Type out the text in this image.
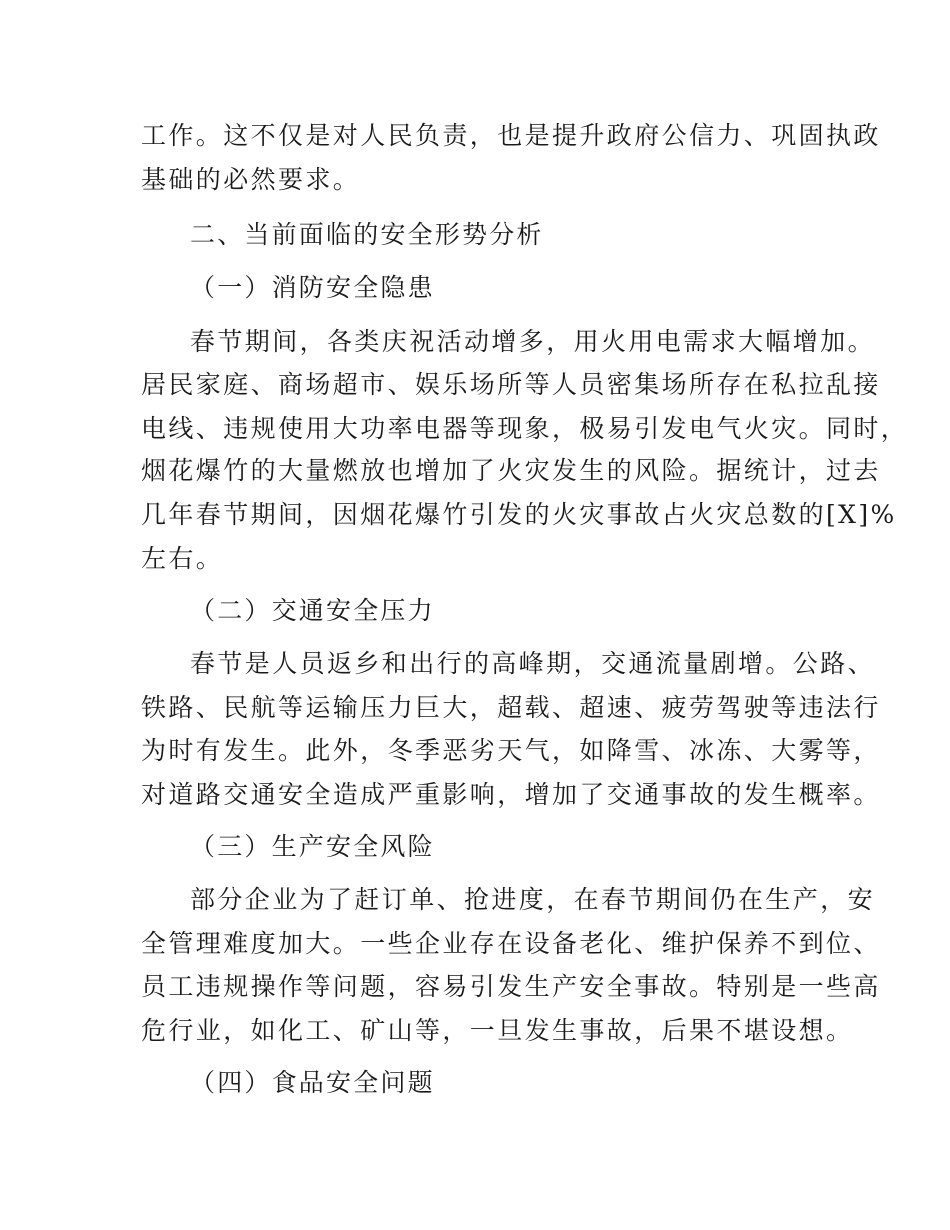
工作。这不仅是对人民负责，也是提升政府公信力、巩固执政
基础的必然要求。
二、当前面临的安全形势分析
（一）消防安全隐患
春节期间，各类庆祝活动增多，用火用电需求大幅增加。
居民家庭、商场超市、娱乐场所等人员密集场所存在私拉乱接
电线、违规使用大功率电器等现象，极易引发电气火灾。同时，
烟花爆竹的大量燃放也增加了火灾发生的风险。据统计，过去
几年春节期间，因烟花爆竹引发的火灾事故占火灾总数的[X]%
左右。
（二）交通安全压力
春节是人员返乡和出行的高峰期，交通流量剧增。公路、
铁路、民航等运输压力巨大，超载、超速、疲劳驾驶等违法行
为时有发生。此外，冬季恶劣天气，如降雪、冰冻、大雾等，
对道路交通安全造成严重影响，增加了交通事故的发生概率。
（三）生产安全风险
部分企业为了赶订单、抢进度，在春节期间仍在生产，安
全管理难度加大。一些企业存在设备老化、维护保养不到位、
员工违规操作等问题，容易引发生产安全事故。特别是一些高
危行业，如化工、矿山等，一旦发生事故，后果不堪设想。
（四）食品安全问题
